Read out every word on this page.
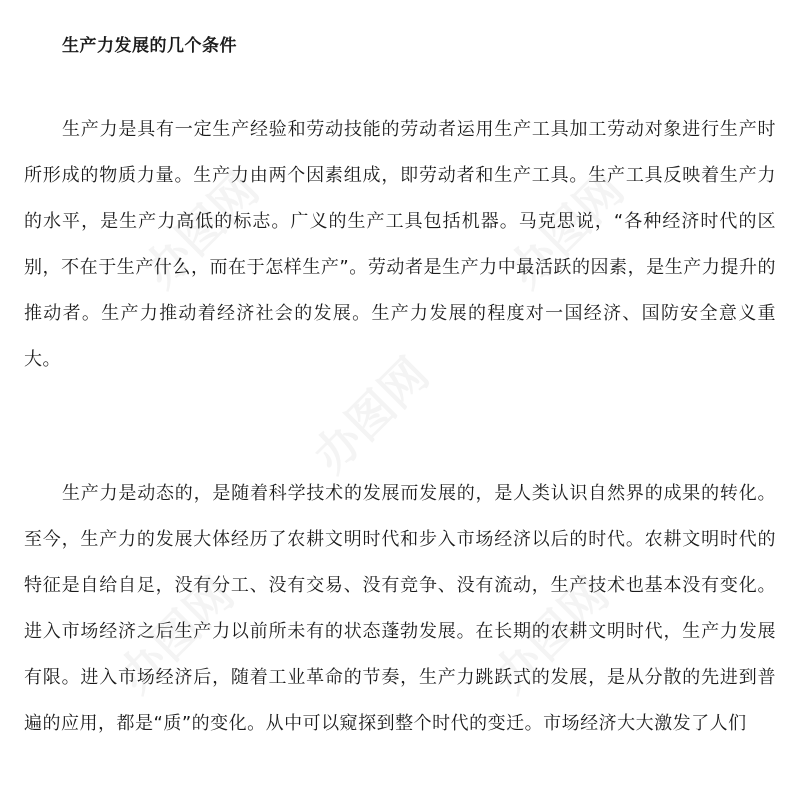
办图网	办图网
办图网
办图网	办图网
生产力发展的几个条件

生产力是具有一定生产经验和劳动技能的劳动者运用生产工具加工劳动对象进行生产时所形成的物质力量。生产力由两个因素组成，即劳动者和生产工具。生产工具反映着生产力的水平，是生产力高低的标志。广义的生产工具包括机器。马克思说，“各种经济时代的区别，不在于生产什么，而在于怎样生产”。劳动者是生产力中最活跃的因素，是生产力提升的推动者。生产力推动着经济社会的发展。生产力发展的程度对一国经济、国防安全意义重大。

生产力是动态的，是随着科学技术的发展而发展的，是人类认识自然界的成果的转化。至今，生产力的发展大体经历了农耕文明时代和步入市场经济以后的时代。农耕文明时代的特征是自给自足，没有分工、没有交易、没有竞争、没有流动，生产技术也基本没有变化。进入市场经济之后生产力以前所未有的状态蓬勃发展。在长期的农耕文明时代，生产力发展有限。进入市场经济后，随着工业革命的节奏，生产力跳跃式的发展，是从分散的先进到普遍的应用，都是“质”的变化。从中可以窥探到整个时代的变迁。市场经济大大激发了人们
